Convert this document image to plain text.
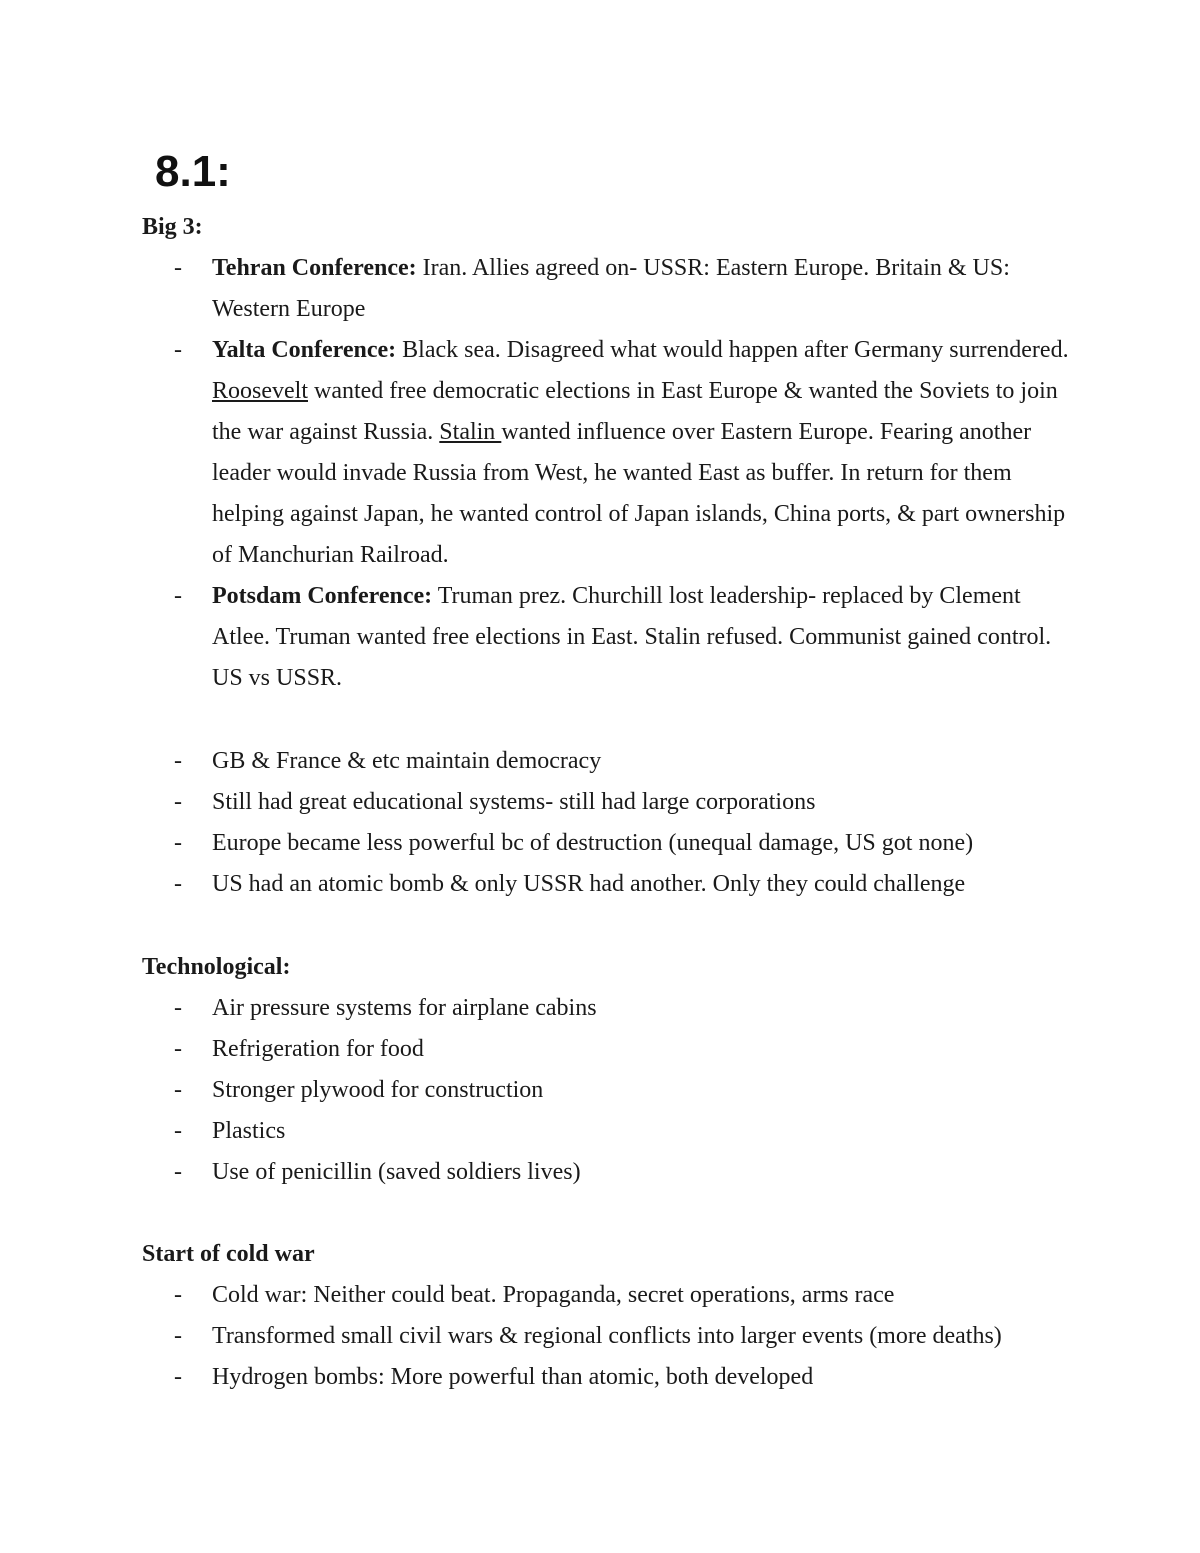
8.1:
Big 3:
- Tehran Conference: Iran. Allies agreed on- USSR: Eastern Europe. Britain & US: Western Europe
- Yalta Conference: Black sea. Disagreed what would happen after Germany surrendered. Roosevelt wanted free democratic elections in East Europe & wanted the Soviets to join the war against Russia. Stalin wanted influence over Eastern Europe. Fearing another leader would invade Russia from West, he wanted East as buffer. In return for them helping against Japan, he wanted control of Japan islands, China ports, & part ownership of Manchurian Railroad.
- Potsdam Conference: Truman prez. Churchill lost leadership- replaced by Clement Atlee. Truman wanted free elections in East. Stalin refused. Communist gained control. US vs USSR.
- GB & France & etc maintain democracy
- Still had great educational systems- still had large corporations
- Europe became less powerful bc of destruction (unequal damage, US got none)
- US had an atomic bomb & only USSR had another. Only they could challenge
Technological:
- Air pressure systems for airplane cabins
- Refrigeration for food
- Stronger plywood for construction
- Plastics
- Use of penicillin (saved soldiers lives)
Start of cold war
- Cold war: Neither could beat. Propaganda, secret operations, arms race
- Transformed small civil wars & regional conflicts into larger events (more deaths)
- Hydrogen bombs: More powerful than atomic, both developed
